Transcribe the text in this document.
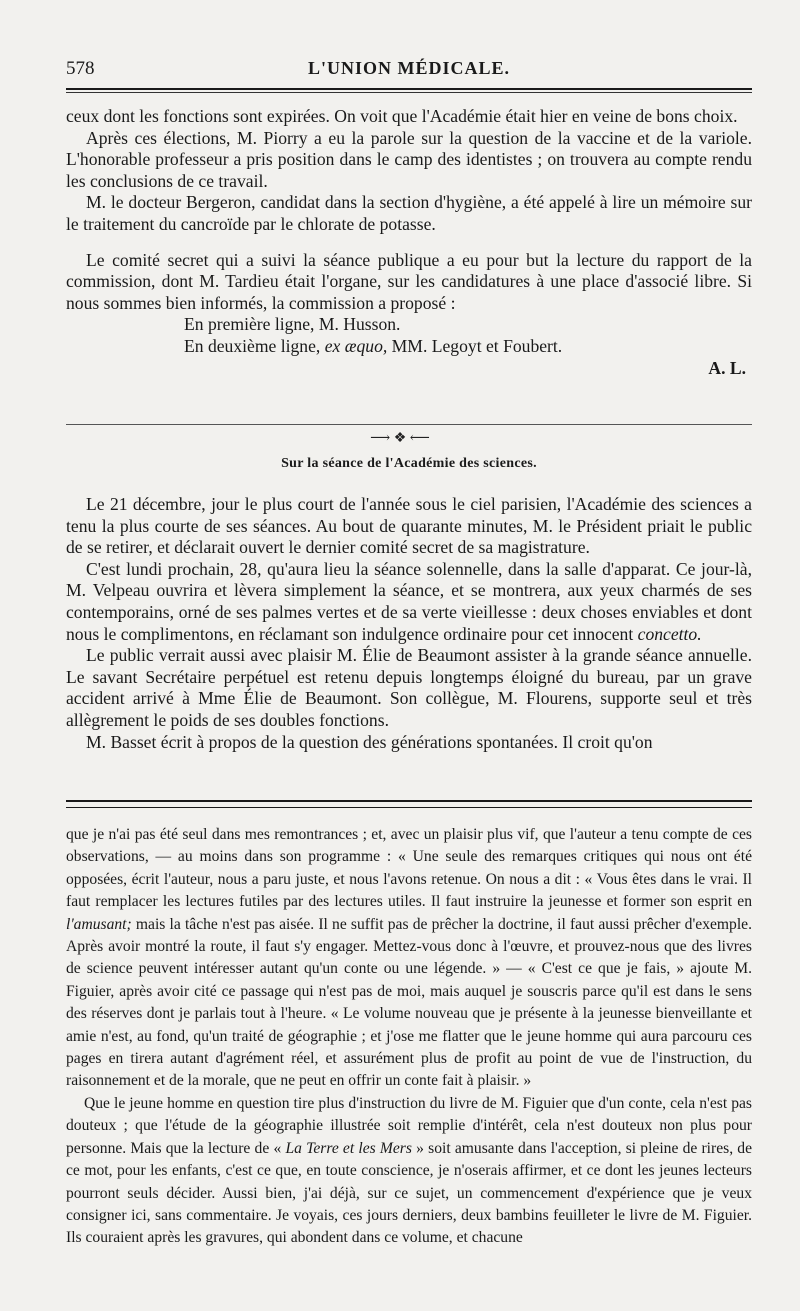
578	L'UNION MÉDICALE.

ceux dont les fonctions sont expirées. On voit que l'Académie était hier en veine de bons choix.

Après ces élections, M. Piorry a eu la parole sur la question de la vaccine et de la variole. L'honorable professeur a pris position dans le camp des identistes ; on trouvera au compte rendu les conclusions de ce travail.

M. le docteur Bergeron, candidat dans la section d'hygiène, a été appelé à lire un mémoire sur le traitement du cancroïde par le chlorate de potasse.

Le comité secret qui a suivi la séance publique a eu pour but la lecture du rapport de la commission, dont M. Tardieu était l'organe, sur les candidatures à une place d'associé libre. Si nous sommes bien informés, la commission a proposé :

En première ligne, M. Husson.
En deuxième ligne, ex æquo, MM. Legoyt et Foubert.
A. L.
⟶ ❖ ⟵
Sur la séance de l'Académie des sciences.

Le 21 décembre, jour le plus court de l'année sous le ciel parisien, l'Académie des sciences a tenu la plus courte de ses séances. Au bout de quarante minutes, M. le Président priait le public de se retirer, et déclarait ouvert le dernier comité secret de sa magistrature.

C'est lundi prochain, 28, qu'aura lieu la séance solennelle, dans la salle d'apparat. Ce jour-là, M. Velpeau ouvrira et lèvera simplement la séance, et se montrera, aux yeux charmés de ses contemporains, orné de ses palmes vertes et de sa verte vieillesse : deux choses enviables et dont nous le complimentons, en réclamant son indulgence ordinaire pour cet innocent concetto.

Le public verrait aussi avec plaisir M. Élie de Beaumont assister à la grande séance annuelle. Le savant Secrétaire perpétuel est retenu depuis longtemps éloigné du bureau, par un grave accident arrivé à Mme Élie de Beaumont. Son collègue, M. Flourens, supporte seul et très allègrement le poids de ses doubles fonctions.

M. Basset écrit à propos de la question des générations spontanées. Il croit qu'on

que je n'ai pas été seul dans mes remontrances ; et, avec un plaisir plus vif, que l'auteur a tenu compte de ces observations, — au moins dans son programme : « Une seule des remarques critiques qui nous ont été opposées, écrit l'auteur, nous a paru juste, et nous l'avons retenue. On nous a dit : « Vous êtes dans le vrai. Il faut remplacer les lectures futiles par des lectures utiles. Il faut instruire la jeunesse et former son esprit en l'amusant; mais la tâche n'est pas aisée. Il ne suffit pas de prêcher la doctrine, il faut aussi prêcher d'exemple. Après avoir montré la route, il faut s'y engager. Mettez-vous donc à l'œuvre, et prouvez-nous que des livres de science peuvent intéresser autant qu'un conte ou une légende. » — « C'est ce que je fais, » ajoute M. Figuier, après avoir cité ce passage qui n'est pas de moi, mais auquel je souscris parce qu'il est dans le sens des réserves dont je parlais tout à l'heure. « Le volume nouveau que je présente à la jeunesse bienveillante et amie n'est, au fond, qu'un traité de géographie ; et j'ose me flatter que le jeune homme qui aura parcouru ces pages en tirera autant d'agrément réel, et assurément plus de profit au point de vue de l'instruction, du raisonnement et de la morale, que ne peut en offrir un conte fait à plaisir. »

Que le jeune homme en question tire plus d'instruction du livre de M. Figuier que d'un conte, cela n'est pas douteux ; que l'étude de la géographie illustrée soit remplie d'intérêt, cela n'est douteux non plus pour personne. Mais que la lecture de « La Terre et les Mers » soit amusante dans l'acception, si pleine de rires, de ce mot, pour les enfants, c'est ce que, en toute conscience, je n'oserais affirmer, et ce dont les jeunes lecteurs pourront seuls décider. Aussi bien, j'ai déjà, sur ce sujet, un commencement d'expérience que je veux consigner ici, sans commentaire. Je voyais, ces jours derniers, deux bambins feuilleter le livre de M. Figuier. Ils couraient après les gravures, qui abondent dans ce volume, et chacune
